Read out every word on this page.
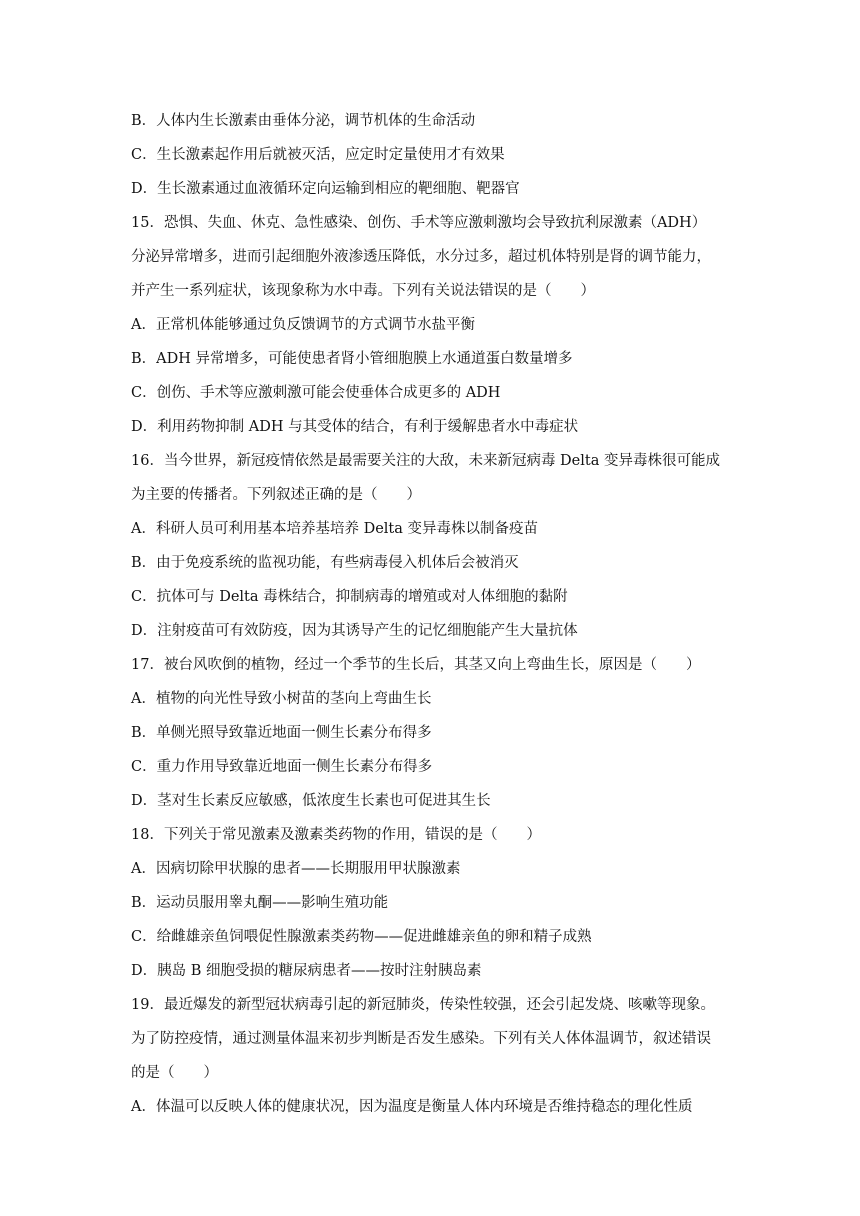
B．人体内生长激素由垂体分泌，调节机体的生命活动
C．生长激素起作用后就被灭活，应定时定量使用才有效果
D．生长激素通过血液循环定向运输到相应的靶细胞、靶器官
15．恐惧、失血、休克、急性感染、创伤、手术等应激刺激均会导致抗利尿激素（ADH）
分泌异常增多，进而引起细胞外液渗透压降低，水分过多，超过机体特别是肾的调节能力，
并产生一系列症状，该现象称为水中毒。下列有关说法错误的是（　　）
A．正常机体能够通过负反馈调节的方式调节水盐平衡
B．ADH 异常增多，可能使患者肾小管细胞膜上水通道蛋白数量增多
C．创伤、手术等应激刺激可能会使垂体合成更多的 ADH
D．利用药物抑制 ADH 与其受体的结合，有利于缓解患者水中毒症状
16．当今世界，新冠疫情依然是最需要关注的大敌，未来新冠病毒 Delta 变异毒株很可能成
为主要的传播者。下列叙述正确的是（　　）
A．科研人员可利用基本培养基培养 Delta 变异毒株以制备疫苗
B．由于免疫系统的监视功能，有些病毒侵入机体后会被消灭
C．抗体可与 Delta 毒株结合，抑制病毒的增殖或对人体细胞的黏附
D．注射疫苗可有效防疫，因为其诱导产生的记忆细胞能产生大量抗体
17．被台风吹倒的植物，经过一个季节的生长后，其茎又向上弯曲生长，原因是（　　）
A．植物的向光性导致小树苗的茎向上弯曲生长
B．单侧光照导致靠近地面一侧生长素分布得多
C．重力作用导致靠近地面一侧生长素分布得多
D．茎对生长素反应敏感，低浓度生长素也可促进其生长
18．下列关于常见激素及激素类药物的作用，错误的是（　　）
A．因病切除甲状腺的患者——长期服用甲状腺激素
B．运动员服用睾丸酮——影响生殖功能
C．给雌雄亲鱼饲喂促性腺激素类药物——促进雌雄亲鱼的卵和精子成熟
D．胰岛 B 细胞受损的糖尿病患者——按时注射胰岛素
19．最近爆发的新型冠状病毒引起的新冠肺炎，传染性较强，还会引起发烧、咳嗽等现象。
为了防控疫情，通过测量体温来初步判断是否发生感染。下列有关人体体温调节，叙述错误
的是（　　）
A．体温可以反映人体的健康状况，因为温度是衡量人体内环境是否维持稳态的理化性质
